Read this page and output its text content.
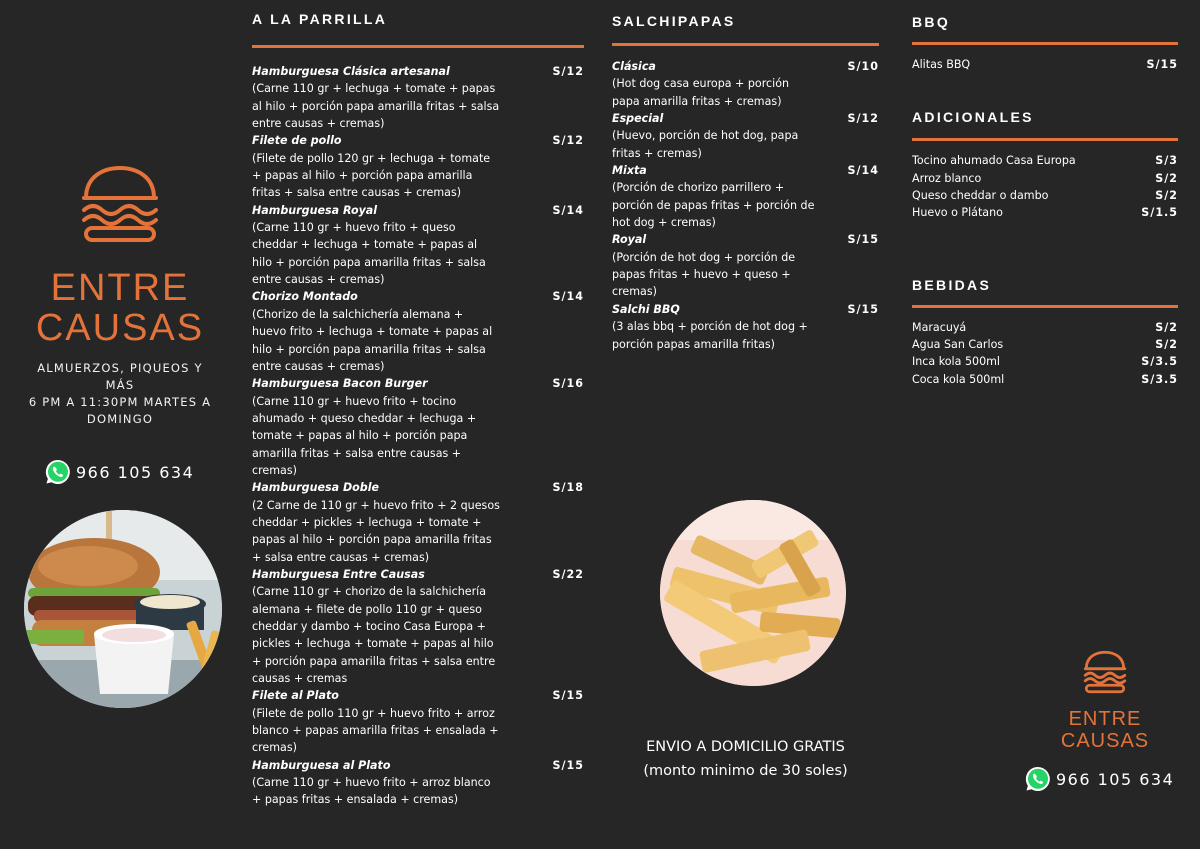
ENTRE
CAUSAS
ALMUERZOS, PIQUEOS Y
MÁS
6 PM A 11:30PM MARTES A
DOMINGO
966 105 634
A LA PARRILLA
Hamburguesa Clásica artesanal	S/12
(Carne 110 gr + lechuga + tomate + papas al hilo + porción papa amarilla fritas + salsa entre causas + cremas)
Filete de pollo	S/12
(Filete de pollo 120 gr + lechuga + tomate + papas al hilo + porción papa amarilla fritas + salsa entre causas + cremas)
Hamburguesa Royal	S/14
(Carne 110 gr + huevo frito + queso cheddar + lechuga + tomate + papas al hilo + porción papa amarilla fritas + salsa entre causas + cremas)
Chorizo Montado	S/14
(Chorizo de la salchichería alemana + huevo frito + lechuga + tomate + papas al hilo + porción papa amarilla fritas + salsa entre causas + cremas)
Hamburguesa Bacon Burger	S/16
(Carne 110 gr + huevo frito + tocino ahumado + queso cheddar + lechuga + tomate + papas al hilo + porción papa amarilla fritas + salsa entre causas + cremas)
Hamburguesa Doble	S/18
(2 Carne de 110 gr + huevo frito + 2 quesos cheddar + pickles + lechuga + tomate + papas al hilo + porción papa amarilla fritas + salsa entre causas + cremas)
Hamburguesa Entre Causas	S/22
(Carne 110 gr + chorizo de la salchichería alemana + filete de pollo 110 gr + queso cheddar y dambo + tocino Casa Europa + pickles + lechuga + tomate + papas al hilo + porción papa amarilla fritas + salsa entre causas + cremas
Filete al Plato	S/15
(Filete de pollo 110 gr + huevo frito + arroz blanco + papas amarilla fritas + ensalada + cremas)
Hamburguesa al Plato	S/15
(Carne 110 gr + huevo frito + arroz blanco + papas fritas + ensalada + cremas)
SALCHIPAPAS
Clásica	S/10
(Hot dog casa europa + porción papa amarilla fritas + cremas)
Especial	S/12
(Huevo, porción de hot dog, papa fritas + cremas)
Mixta	S/14
(Porción de chorizo parrillero + porción de papas fritas + porción de hot dog + cremas)
Royal	S/15
(Porción de hot dog + porción de papas fritas + huevo + queso + cremas)
Salchi BBQ	S/15
(3 alas bbq + porción de hot dog + porción papas amarilla fritas)
ENVIO A DOMICILIO GRATIS
(monto minimo de 30 soles)
BBQ
Alitas BBQ	S/15
ADICIONALES
Tocino ahumado Casa Europa	S/3
Arroz blanco	S/2
Queso cheddar o dambo	S/2
Huevo o Plátano	S/1.5
BEBIDAS
Maracuyá	S/2
Agua San Carlos	S/2
Inca kola 500ml	S/3.5
Coca kola 500ml	S/3.5
ENTRE
CAUSAS
966 105 634
